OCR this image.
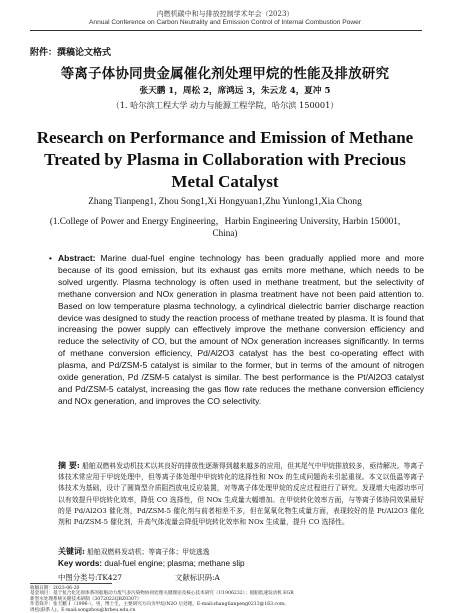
内燃机碳中和与排放控制学术年会（2023）
Annual Conference on Carbon Neutrality and Emission Control of Internal Combustion Power
附件：撰稿论文格式
等离子体协同贵金属催化剂处理甲烷的性能及排放研究
张天鹏 1，周松 2，席鸿远 3，朱云龙 4，夏冲 5
（1. 哈尔滨工程大学 动力与能源工程学院，哈尔滨 150001）
Research on Performance and Emission of Methane
Treated by Plasma in Collaboration with Precious
Metal Catalyst
Zhang Tianpeng1, Zhou Song1,Xi Hongyuan1,Zhu Yunlong1,Xia Chong
(1.College of Power and Energy Engineering，Harbin Engineering University, Harbin 150001,
China)
• Abstract: Marine dual-fuel engine technology has been gradually applied more and more because of its good emission, but its exhaust gas emits more methane, which needs to be solved urgently. Plasma technology is often used in methane treatment, but the selectivity of methane conversion and NOx generation in plasma treatment have not been paid attention to. Based on low temperature plasma technology, a cylindrical dielectric barrier discharge reaction device was designed to study the reaction process of methane treated by plasma. It is found that increasing the power supply can effectively improve the methane conversion efficiency and reduce the selectivity of CO, but the amount of NOx generation increases significantly. In terms of methane conversion efficiency, Pd/Al2O3 catalyst has the best co-operating effect with plasma, and Pd/ZSM-5 catalyst is similar to the former, but in terms of the amount of nitrogen oxide generation, Pd /ZSM-5 catalyst is similar. The best performance is the Pt/Al2O3 catalyst and Pd/ZSM-5 catalyst, increasing the gas flow rate reduces the methane conversion efficiency and NOx generation, and improves the CO selectivity.
摘 要: 船舶双燃料发动机技术以其良好的排放性逐渐得到越来越多的应用，但其尾气中甲烷排放较多，亟待解决。等离子体技术常应用于甲烷处理中，但等离子体处理中甲烷转化的选择性和 NOx 的生成问题尚未引起重视。本文以低温等离子体技术为基础，设计了圆筒型介质阻挡放电反应装置，对等离子体处理甲烷的反应过程进行了研究。发现增大电源功率可以有效提升甲烷转化效率，降低 CO 选择性，但 NOx 生成量大幅增加。在甲烷转化效率方面，与等离子体协同效果最好的是 Pd/Al2O3 催化剂，Pd/ZSM-5 催化剂与前者相差不多，但在氮氧化物生成量方面，表现较好的是 Pt/Al2O3 催化剂和 Pd/ZSM-5 催化剂，升高气体流量会降低甲烷转化效率和 NOx 生成量，提升 CO 选择性。
关键词: 船舶双燃料发动机；等离子体；甲烷逃逸
Key words: dual-fuel engine; plasma; methane slip
中图分类号:TK427	文献标识码:A
收稿日期：2023-06-20
基金项目：基于复合化还原体系的船舶动力废气多污染物协同处理关键理论及核心技术研究（U1906232）；船舶低速发动机 EGR
新型水处理系统关键技术研制（3072022QBZ0307）
作者简介：张天鹏 1（1996-），男，博士生，主要研究方向为甲烷/N2O 后处理。E-mail:zhangtianpeng0213@163.com;
周松(联系人)，E-mail:songzhou@hrbeu.edu.cn
